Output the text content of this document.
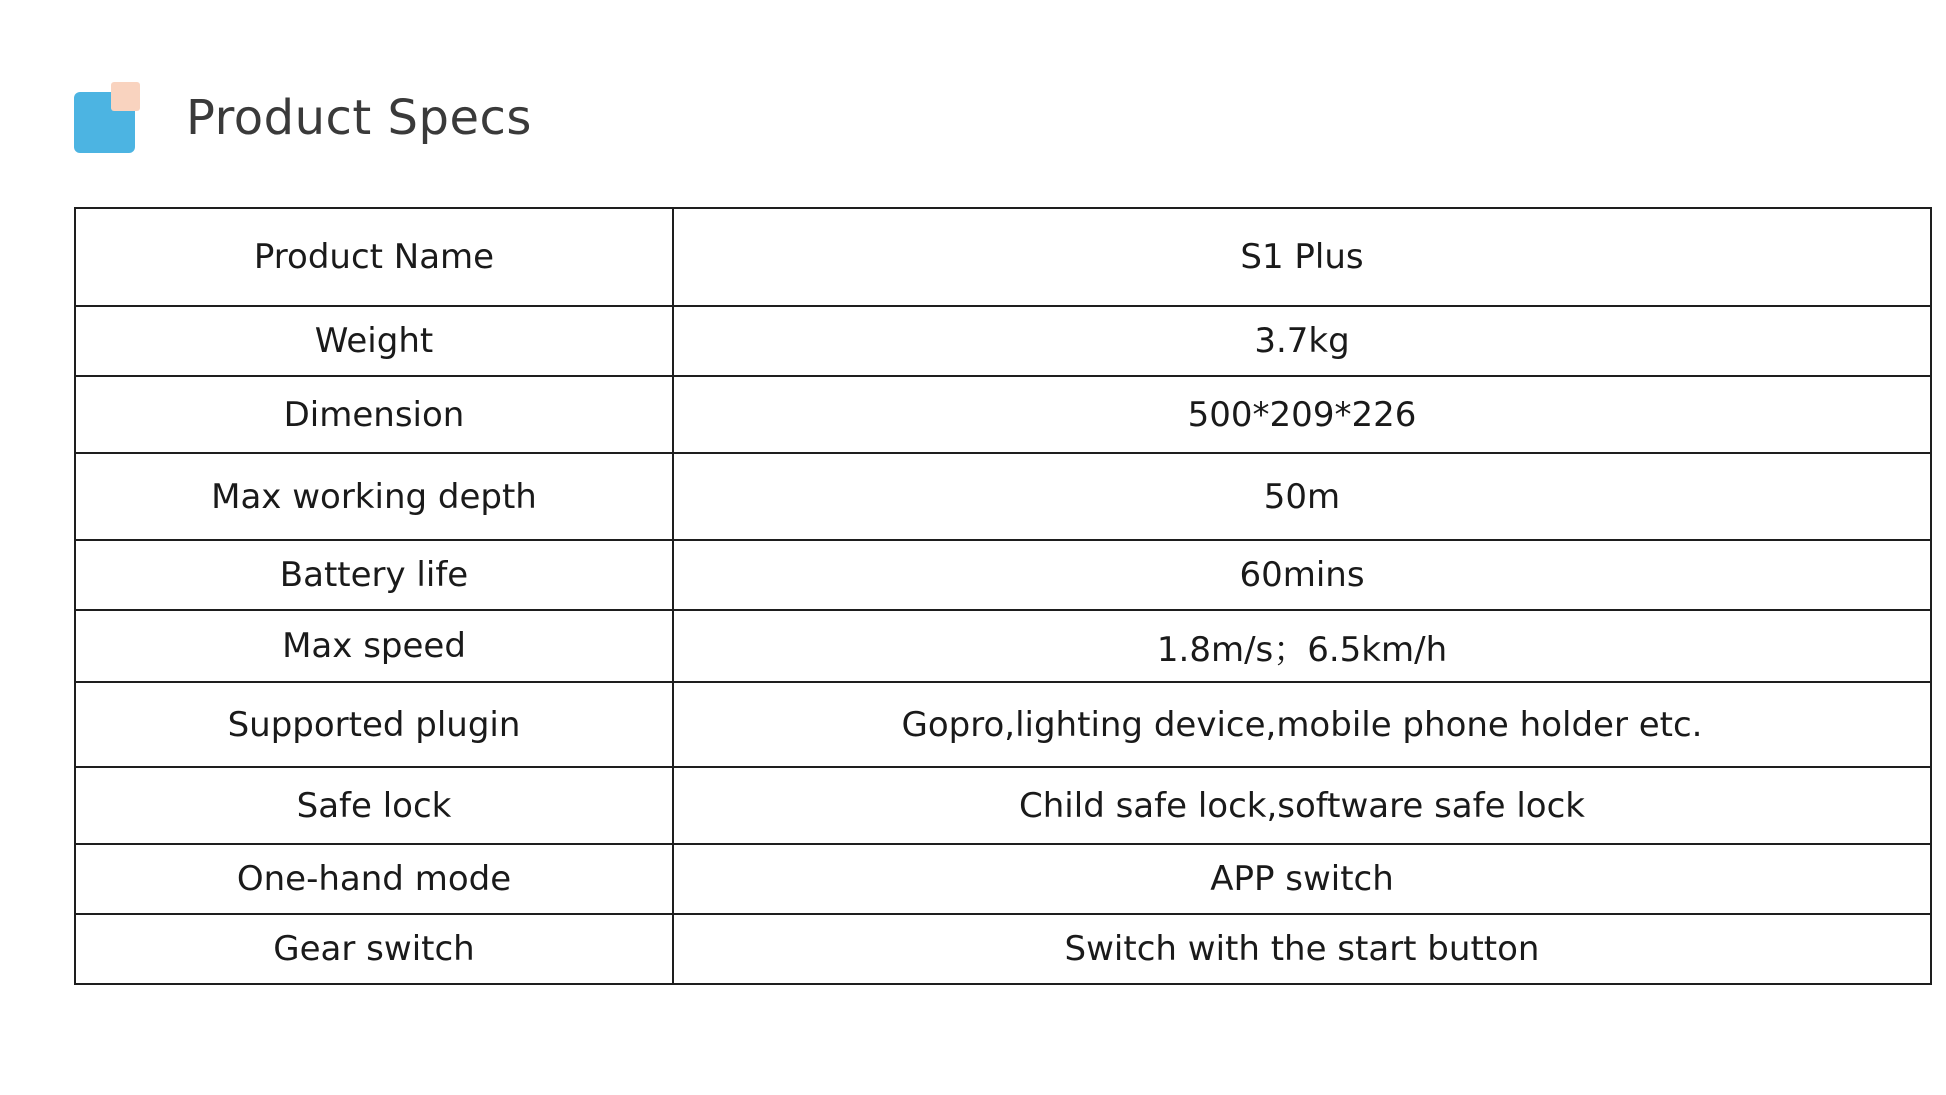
Product Specs
Product Name	S1 Plus
Weight	3.7kg
Dimension	500*209*226
Max working depth	50m
Battery life	60mins
Max speed	1.8m/s；6.5km/h
Supported plugin	Gopro,lighting device,mobile phone holder etc.
Safe lock	Child safe lock,software safe lock
One-hand mode	APP switch
Gear switch	Switch with the start button
